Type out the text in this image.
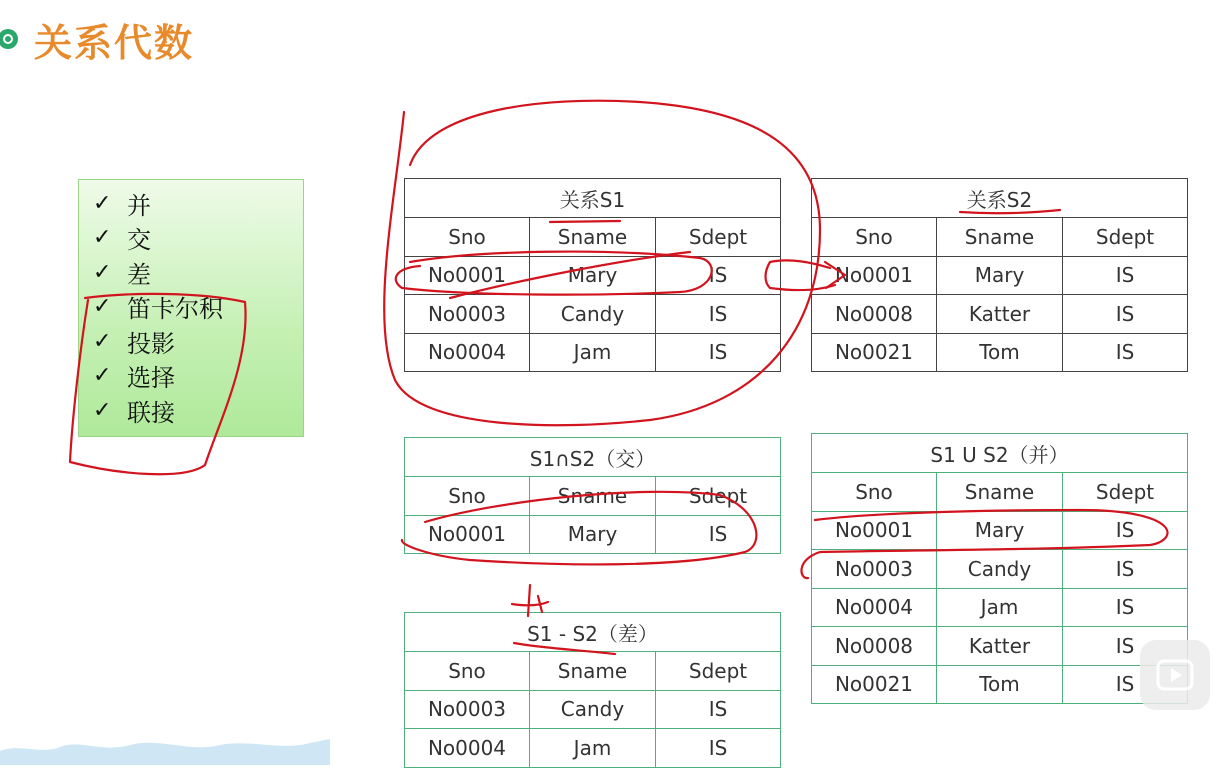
关系代数
✓ 并
✓ 交
✓ 差
✓ 笛卡尔积
✓ 投影
✓ 选择
✓ 联接
关系S1		
Sno	Sname	Sdept
No0001	Mary	IS
No0003	Candy	IS
No0004	Jam	IS
关系S2		
Sno	Sname	Sdept
No0001	Mary	IS
No0008	Katter	IS
No0021	Tom	IS
S1∩S2（交）		
Sno	Sname	Sdept
No0001	Mary	IS
S1 U S2（并）		
Sno	Sname	Sdept
No0001	Mary	IS
No0003	Candy	IS
No0004	Jam	IS
No0008	Katter	IS
No0021	Tom	IS
S1 - S2（差）		
Sno	Sname	Sdept
No0003	Candy	IS
No0004	Jam	IS
